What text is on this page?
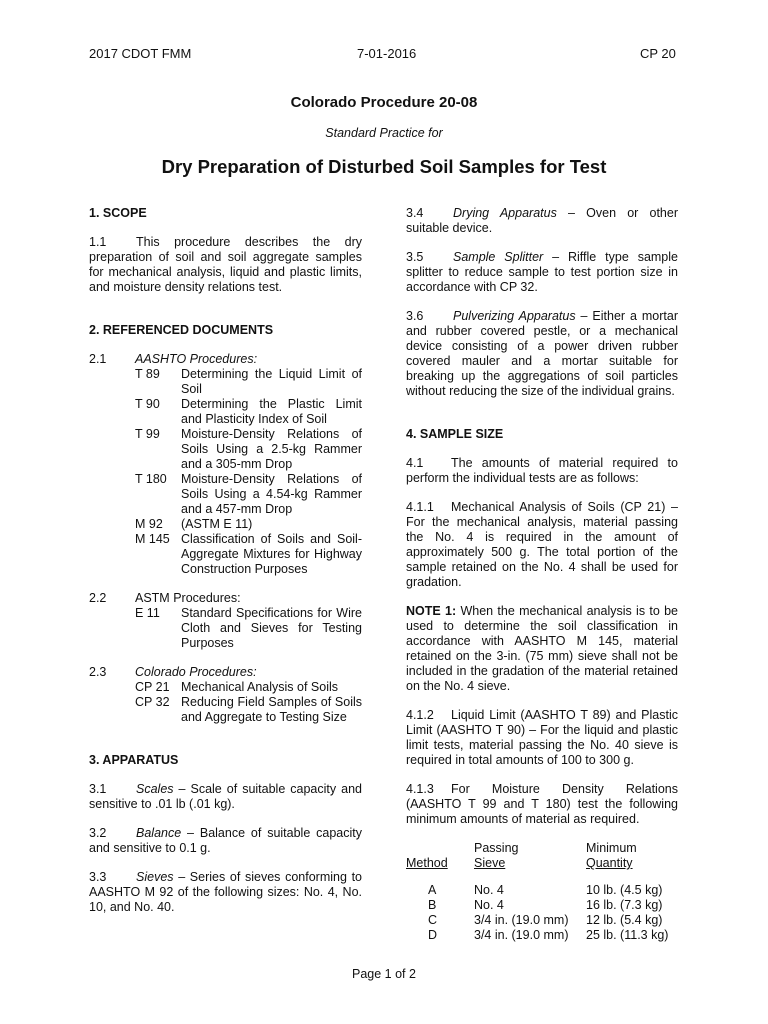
2017 CDOT FMM	7-01-2016	CP 20
Colorado Procedure 20-08
Standard Practice for
Dry Preparation of Disturbed Soil Samples for Test

1. SCOPE

1.1 This procedure describes the dry preparation of soil and soil aggregate samples for mechanical analysis, liquid and plastic limits, and moisture density relations test.

2. REFERENCED DOCUMENTS

2.1	AASHTO Procedures:
T 89	Determining the Liquid Limit of Soil
T 90	Determining the Plastic Limit and Plasticity Index of Soil
T 99	Moisture-Density Relations of Soils Using a 2.5-kg Rammer and a 305-mm Drop
T 180	Moisture-Density Relations of Soils Using a 4.54-kg Rammer and a 457-mm Drop
M 92	(ASTM E 11)
M 145 Classification of Soils and Soil-Aggregate Mixtures for Highway Construction Purposes
2.2	ASTM Procedures:
E 11	Standard Specifications for Wire Cloth and Sieves for Testing Purposes
2.3	Colorado Procedures:
CP 21 Mechanical Analysis of Soils
CP 32 Reducing Field Samples of Soils and Aggregate to Testing Size

3. APPARATUS

3.1 Scales – Scale of suitable capacity and sensitive to .01 lb (.01 kg).

3.2 Balance – Balance of suitable capacity and sensitive to 0.1 g.

3.3 Sieves – Series of sieves conforming to AASHTO M 92 of the following sizes: No. 4, No. 10, and No. 40.

3.4 Drying Apparatus – Oven or other suitable device.

3.5 Sample Splitter – Riffle type sample splitter to reduce sample to test portion size in accordance with CP 32.

3.6 Pulverizing Apparatus – Either a mortar and rubber covered pestle, or a mechanical device consisting of a power driven rubber covered mauler and a mortar suitable for breaking up the aggregations of soil particles without reducing the size of the individual grains.

4. SAMPLE SIZE

4.1 The amounts of material required to perform the individual tests are as follows:

4.1.1 Mechanical Analysis of Soils (CP 21) – For the mechanical analysis, material passing the No. 4 is required in the amount of approximately 500 g. The total portion of the sample retained on the No. 4 shall be used for gradation.

NOTE 1: When the mechanical analysis is to be used to determine the soil classification in accordance with AASHTO M 145, material retained on the 3-in. (75 mm) sieve shall not be included in the gradation of the material retained on the No. 4 sieve.

4.1.2 Liquid Limit (AASHTO T 89) and Plastic Limit (AASHTO T 90) – For the liquid and plastic limit tests, material passing the No. 40 sieve is required in total amounts of 100 to 300 g.

4.1.3 For Moisture Density Relations (AASHTO T 99 and T 180) test the following minimum amounts of material as required.

	Passing	Minimum
Method	Sieve	Quantity

A	No. 4	10 lb. (4.5 kg)
B	No. 4	16 lb. (7.3 kg)
C	3/4 in. (19.0 mm)	12 lb. (5.4 kg)
D	3/4 in. (19.0 mm)	25 lb. (11.3 kg)
Page 1 of 2
